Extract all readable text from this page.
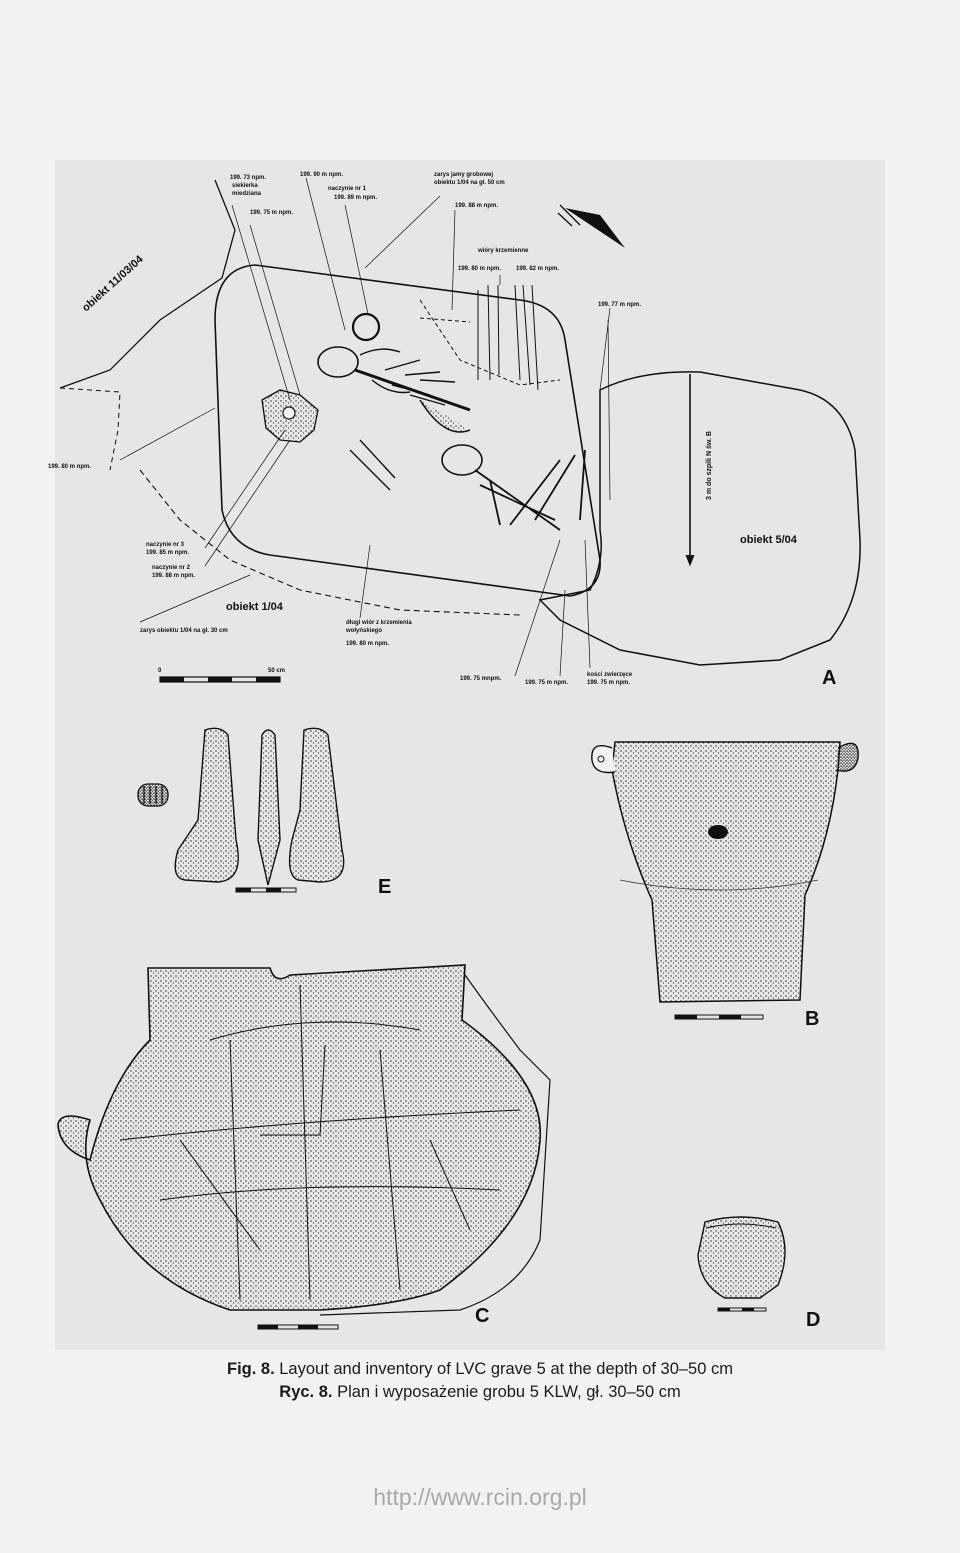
199. 73 npm.
siekierka
miedziana
199. 90 m npm.
naczynie nr 1
199. 89 m npm.
zarys jamy grobowej
obiektu 1/04 na gł. 50 cm
199. 75 m npm.
199. 88 m npm.
wióry krzemienne
199. 80 m npm. 199. 82 m npm.
199. 77 m npm.
obiekt 11/03/04
199. 80 m npm.	3 m do szpili N św. B
obiekt 5/04
naczynie nr 3
199. 85 m npm.
naczynie nr 2
199. 88 m npm.
obiekt 1/04
zarys obiektu 1/04 na gł. 30 cm
długi wiór z krzemienia
wołyńskiego
199. 80 m npm.
0	50 cm
199. 75 mnpm.
199. 75 m npm.
kości zwierzęce
199. 75 m npm.	A
E
B
C	D
Fig. 8. Layout and inventory of LVC grave 5 at the depth of 30–50 cm
Ryc. 8. Plan i wyposażenie grobu 5 KLW, gł. 30–50 cm
http://www.rcin.org.pl
